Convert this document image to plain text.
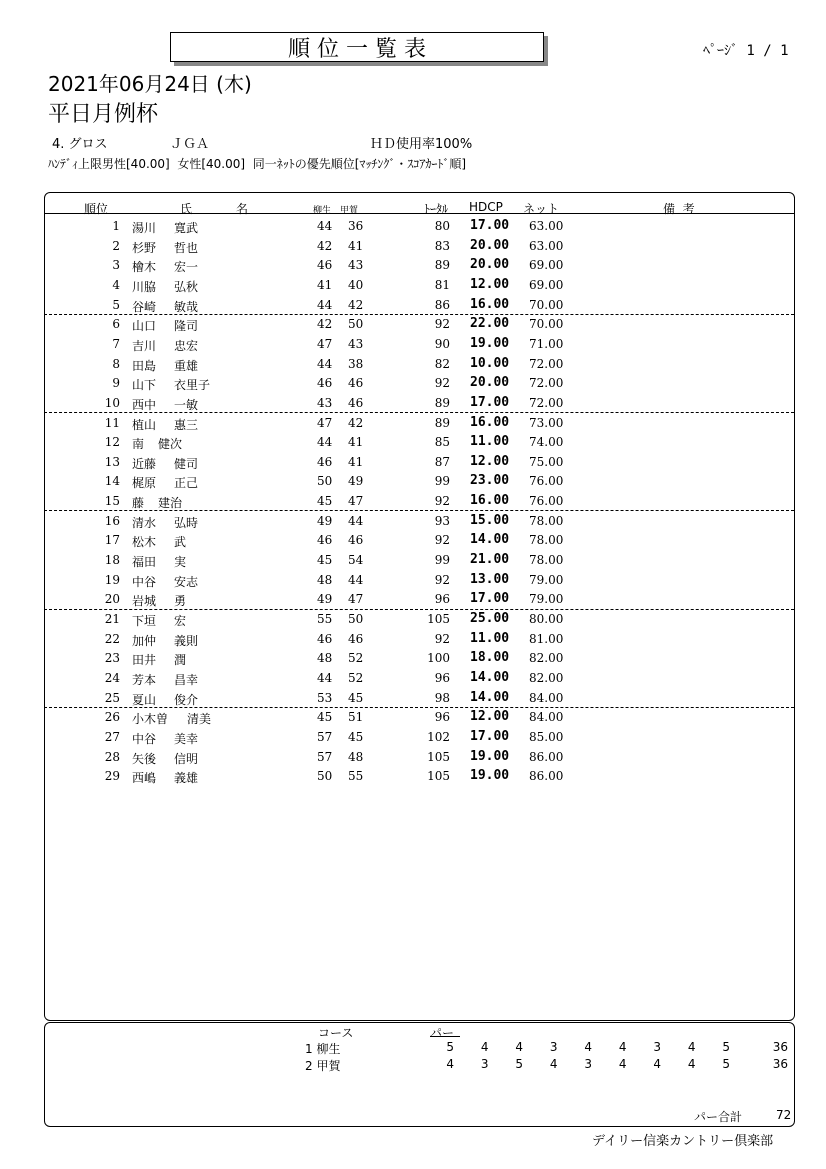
順 位 一 覧 表	ﾍﾟｰｼﾞ 1 / 1
2021年06月24日 (木)
平日月例杯
4. グロス	ＪＧＡ	ＨＤ使用率100%
ﾊﾝﾃﾞｨ上限男性[40.00]  女性[40.00]  同一ﾈｯﾄの優先順位[ﾏｯﾁﾝｸﾞ・ｽｺｱｶｰﾄﾞ順]
順位	氏	名	柳生 甲賀	ﾄｰﾀﾙ HDCP ネット	備  考
1 湯川 寛武	44 36	80 17.00 63.00
2 杉野 哲也	42 41	83 20.00 63.00
3 檜木 宏一	46 43	89 20.00 69.00
4 川脇 弘秋	41 40	81 12.00 69.00
5 谷崎 敏哉	44 42	86 16.00 70.00
6 山口 隆司	42 50	92 22.00 70.00
7 吉川 忠宏	47 43	90 19.00 71.00
8 田島 重雄	44 38	82 10.00 72.00
9 山下 衣里子	46 46	92 20.00 72.00
10 西中 一敏	43 46	89 17.00 72.00
11 植山 惠三	47 42	89 16.00 73.00
12 南 健次	44 41	85 11.00 74.00
13 近藤 健司	46 41	87 12.00 75.00
14 梶原 正己	50 49	99 23.00 76.00
15 藤 建治	45 47	92 16.00 76.00
16 清水 弘時	49 44	93 15.00 78.00
17 松木 武	46 46	92 14.00 78.00
18 福田 実	45 54	99 21.00 78.00
19 中谷 安志	48 44	92 13.00 79.00
20 岩城 勇	49 47	96 17.00 79.00
21 下垣 宏	55 50	105 25.00 80.00
22 加仲 義則	46 46	92 11.00 81.00
23 田井 潤	48 52	100 18.00 82.00
24 芳本 昌幸	44 52	96 14.00 82.00
25 夏山 俊介	53 45	98 14.00 84.00
26 小木曽 清美	45 51	96 12.00 84.00
27 中谷 美幸	57 45	102 17.00 85.00
28 矢後 信明	57 48	105 19.00 86.00
29 西嶋 義雄	50 55	105 19.00 86.00
コース	パー
1 柳生	5	4	4	3	4	4	3	4	5	36
2 甲賀	4	3	5	4	3	4	4	4	5	36
パー合計	72
デイリー信楽カントリー倶楽部
